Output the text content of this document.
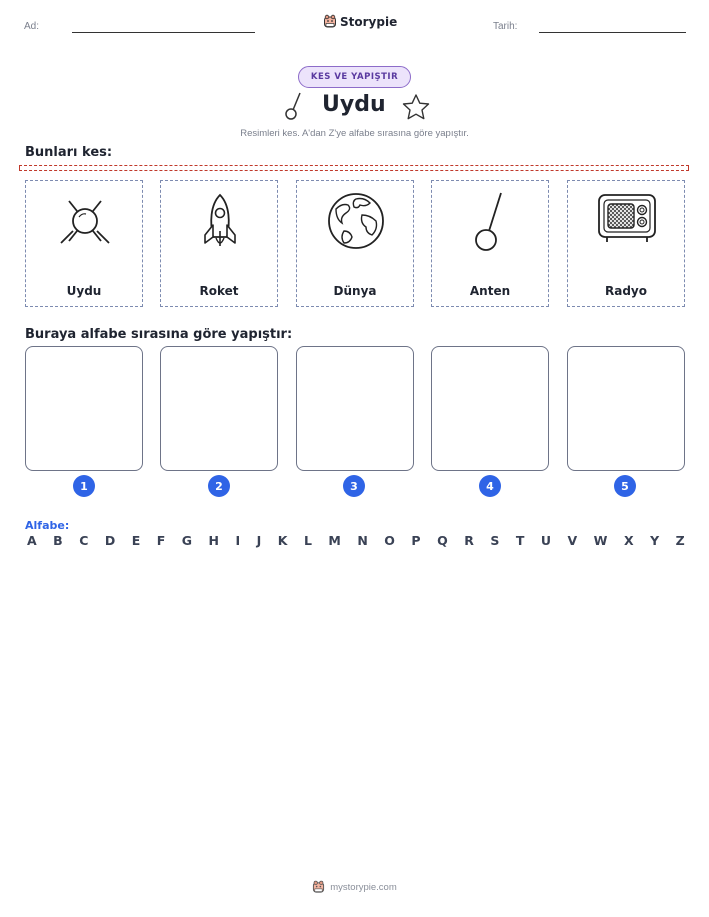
Ad:	Storypie	Tarih:
KES VE YAPIŞTIR
Uydu
Resimleri kes. A'dan Z'ye alfabe sırasına göre yapıştır.
Bunları kes:
Uydu	Roket	Dünya	Anten	Radyo
Buraya alfabe sırasına göre yapıştır:
1	2	3	4	5
Alfabe:
A B C D E F G H I J K L M N O P Q R S T U V W X Y Z
mystorypie.com
